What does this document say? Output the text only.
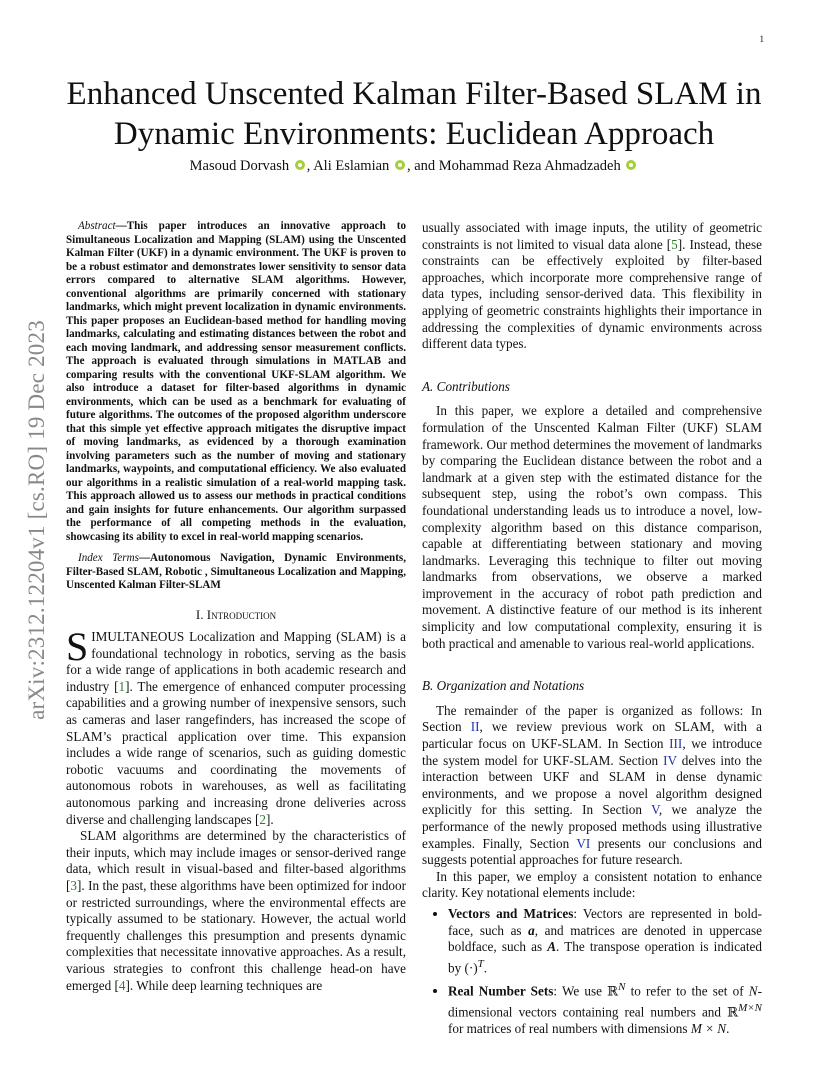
1
arXiv:2312.12204v1 [cs.RO] 19 Dec 2023
Enhanced Unscented Kalman Filter-Based SLAM in
Dynamic Environments: Euclidean Approach
Masoud Dorvash , Ali Eslamian , and Mohammad Reza Ahmadzadeh

Abstract—This paper introduces an innovative approach to Simultaneous Localization and Mapping (SLAM) using the Unscented Kalman Filter (UKF) in a dynamic environment. The UKF is proven to be a robust estimator and demonstrates lower sensitivity to sensor data errors compared to alternative SLAM algorithms. However, conventional algorithms are primarily concerned with stationary landmarks, which might prevent localization in dynamic environments. This paper proposes an Euclidean-based method for handling moving landmarks, calculating and estimating distances between the robot and each moving landmark, and addressing sensor measurement conflicts. The approach is evaluated through simulations in MATLAB and comparing results with the conventional UKF-SLAM algorithm. We also introduce a dataset for filter-based algorithms in dynamic environments, which can be used as a benchmark for evaluating of future algorithms. The outcomes of the proposed algorithm underscore that this simple yet effective approach mitigates the disruptive impact of moving landmarks, as evidenced by a thorough examination involving parameters such as the number of moving and stationary landmarks, waypoints, and computational efficiency. We also evaluated our algorithms in a realistic simulation of a real-world mapping task. This approach allowed us to assess our methods in practical conditions and gain insights for future enhancements. Our algorithm surpassed the performance of all competing methods in the evaluation, showcasing its ability to excel in real-world mapping scenarios.

Index Terms—Autonomous Navigation, Dynamic Environments, Filter-Based SLAM, Robotic , Simultaneous Localization and Mapping, Unscented Kalman Filter-SLAM

I. Introduction

SIMULTANEOUS Localization and Mapping (SLAM) is a foundational technology in robotics, serving as the basis for a wide range of applications in both academic research and industry [1]. The emergence of enhanced computer processing capabilities and a growing number of inexpensive sensors, such as cameras and laser rangefinders, has increased the scope of SLAM’s practical application over time. This expansion includes a wide range of scenarios, such as guiding domestic robotic vacuums and coordinating the movements of autonomous robots in warehouses, as well as facilitating autonomous parking and increasing drone deliveries across diverse and challenging landscapes [2].

SLAM algorithms are determined by the characteristics of their inputs, which may include images or sensor-derived range data, which result in visual-based and filter-based algorithms [3]. In the past, these algorithms have been optimized for indoor or restricted surroundings, where the environmental effects are typically assumed to be stationary. However, the actual world frequently challenges this presumption and presents dynamic complexities that necessitate innovative approaches. As a result, various strategies to confront this challenge head-on have emerged [4]. While deep learning techniques are

usually associated with image inputs, the utility of geometric constraints is not limited to visual data alone [5]. Instead, these constraints can be effectively exploited by filter-based approaches, which incorporate more comprehensive range of data types, including sensor-derived data. This flexibility in applying of geometric constraints highlights their importance in addressing the complexities of dynamic environments across different data types.

A. Contributions

In this paper, we explore a detailed and comprehensive formulation of the Unscented Kalman Filter (UKF) SLAM framework. Our method determines the movement of landmarks by comparing the Euclidean distance between the robot and a landmark at a given step with the estimated distance for the subsequent step, using the robot’s own compass. This foundational understanding leads us to introduce a novel, low-complexity algorithm based on this distance comparison, capable at differentiating between stationary and moving landmarks. Leveraging this technique to filter out moving landmarks from observations, we observe a marked improvement in the accuracy of robot path prediction and movement. A distinctive feature of our method is its inherent simplicity and low computational complexity, ensuring it is both practical and amenable to various real-world applications.

B. Organization and Notations

The remainder of the paper is organized as follows: In Section II, we review previous work on SLAM, with a particular focus on UKF-SLAM. In Section III, we introduce the system model for UKF-SLAM. Section IV delves into the interaction between UKF and SLAM in dense dynamic environments, and we propose a novel algorithm designed explicitly for this setting. In Section V, we analyze the performance of the newly proposed methods using illustrative examples. Finally, Section VI presents our conclusions and suggests potential approaches for future research.

In this paper, we employ a consistent notation to enhance clarity. Key notational elements include:

• Vectors and Matrices: Vectors are represented in bold-face, such as a, and matrices are denoted in uppercase boldface, such as A. The transpose operation is indicated by $(\cdot)^T$.
• Real Number Sets: We use ℝ$^N$ to refer to the set of N-dimensional vectors containing real numbers and ℝ$^{M\times N}$ for matrices of real numbers with dimensions M × N.
